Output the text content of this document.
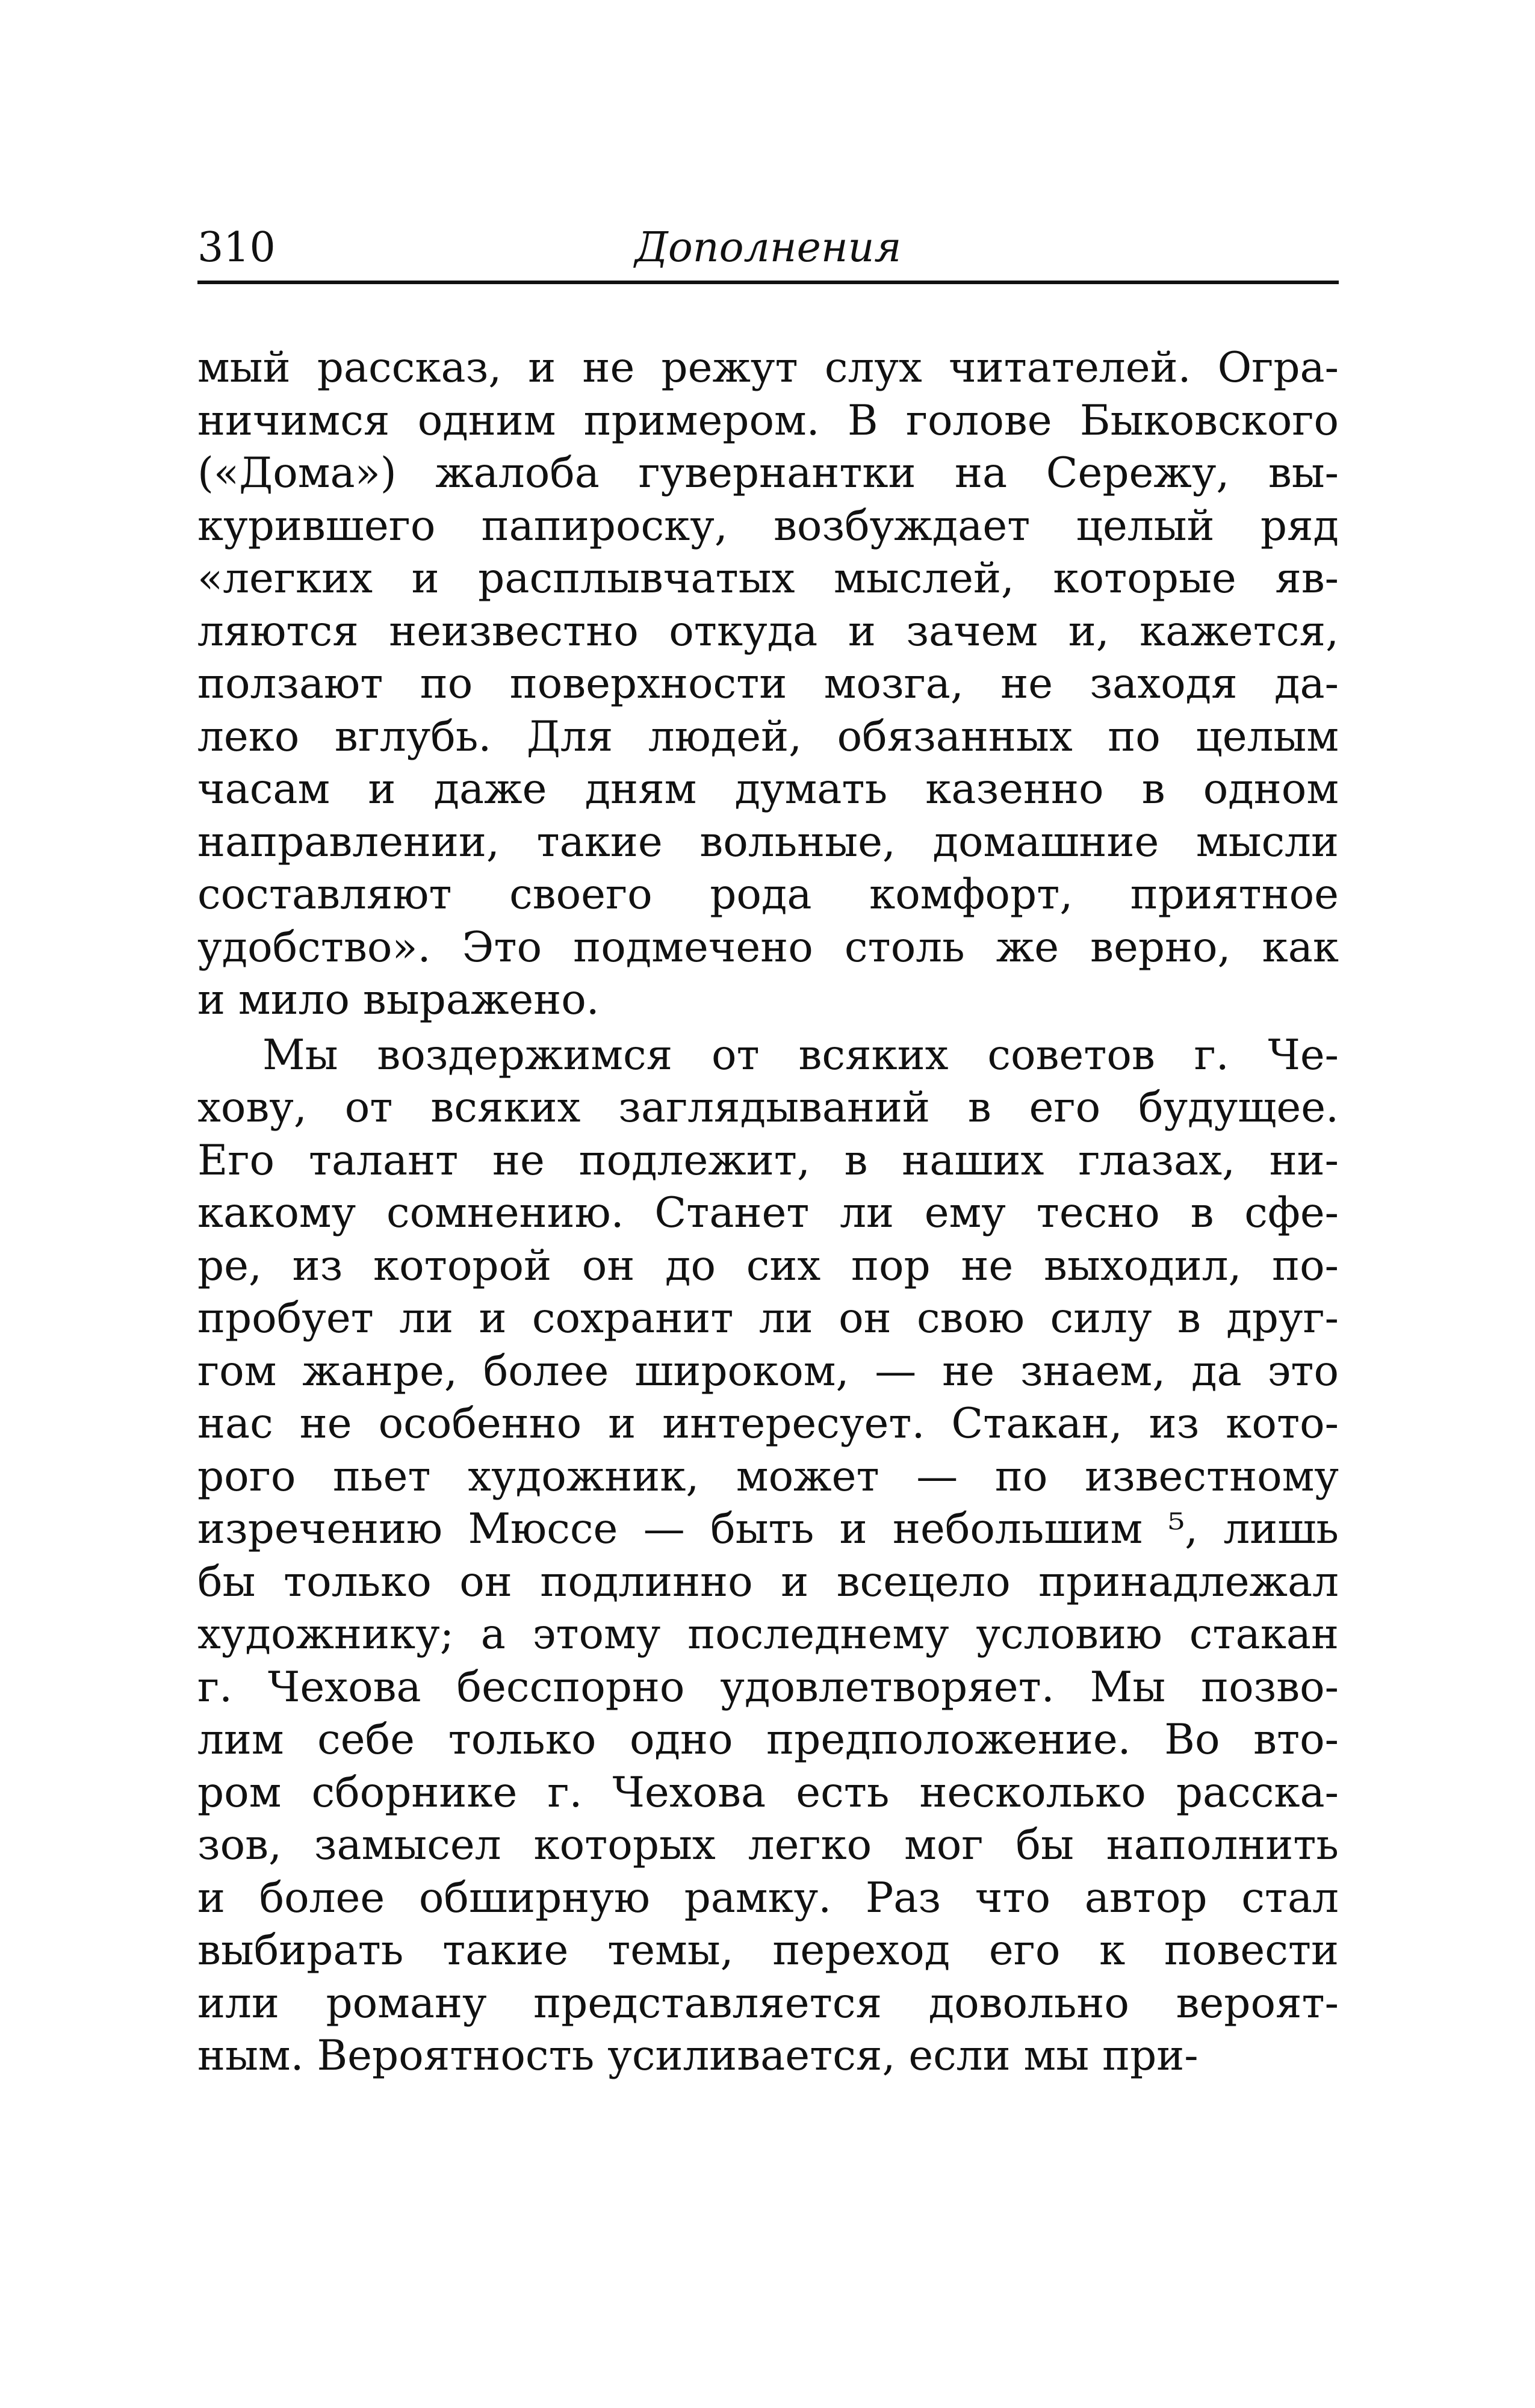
310	Дополнения
мый рассказ, и не режут слух читателей. Огра-
ничимся одним примером. В голове Быковского
(«Дома») жалоба гувернантки на Сережу, вы-
курившего папироску, возбуждает целый ряд
«легких и расплывчатых мыслей, которые яв-
ляются неизвестно откуда и зачем и, кажется,
ползают по поверхности мозга, не заходя да-
леко вглубь. Для людей, обязанных по целым
часам и даже дням думать казенно в одном
направлении, такие вольные, домашние мысли
составляют своего рода комфорт, приятное
удобство». Это подмечено столь же верно, как
и мило выражено.
Мы воздержимся от всяких советов г. Че-
хову, от всяких заглядываний в его будущее.
Его талант не подлежит, в наших глазах, ни-
какому сомнению. Станет ли ему тесно в сфе-
ре, из которой он до сих пор не выходил, по-
пробует ли и сохранит ли он свою силу в друг-
гом жанре, более широком, — не знаем, да это
нас не особенно и интересует. Стакан, из кото-
рого пьет художник, может — по известному
изречению Мюссе — быть и небольшим ⁵, лишь
бы только он подлинно и всецело принадлежал
художнику; а этому последнему условию стакан
г. Чехова бесспорно удовлетворяет. Мы позво-
лим себе только одно предположение. Во вто-
ром сборнике г. Чехова есть несколько расска-
зов, замысел которых легко мог бы наполнить
и более обширную рамку. Раз что автор стал
выбирать такие темы, переход его к повести
или роману представляется довольно вероят-
ным. Вероятность усиливается, если мы при-
